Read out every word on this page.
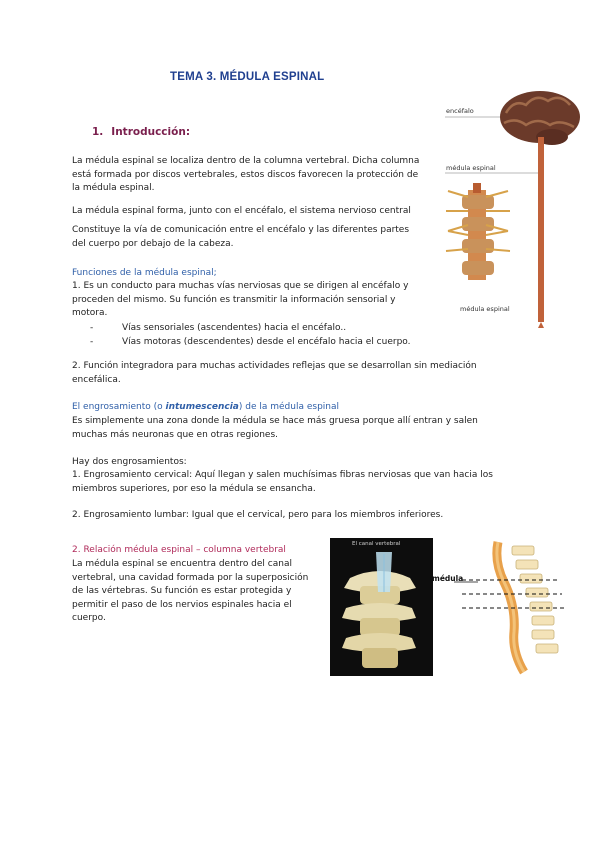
TEMA 3. MÉDULA ESPINAL
1. Introducción:
La médula espinal se localiza dentro de la columna vertebral. Dicha columna está formada por discos vertebrales, estos discos favorecen la protección de la médula espinal.
La médula espinal forma, junto con el encéfalo, el sistema nervioso central
Constituye la vía de comunicación entre el encéfalo y las diferentes partes del cuerpo por debajo de la cabeza.
encéfalo
médula espinal
médula espinal
Funciones de la médula espinal;
1. Es un conducto para muchas vías nerviosas que se dirigen al encéfalo y proceden del mismo. Su función es transmitir la información sensorial y motora.
-	Vías sensoriales (ascendentes) hacia el encéfalo..
-	Vías motoras (descendentes) desde el encéfalo hacia el cuerpo.
2. Función integradora para muchas actividades reflejas que se desarrollan sin mediación encefálica.
El engrosamiento (o intumescencia) de la médula espinal
Es simplemente una zona donde la médula se hace más gruesa porque allí entran y salen muchas más neuronas que en otras regiones.
Hay dos engrosamientos:
1. Engrosamiento cervical: Aquí llegan y salen muchísimas fibras nerviosas que van hacia los miembros superiores, por eso la médula se ensancha.
2. Engrosamiento lumbar: Igual que el cervical, pero para los miembros inferiores.
2. Relación médula espinal – columna vertebral
La médula espinal se encuentra dentro del canal vertebral, una cavidad formada por la superposición de las vértebras. Su función es estar protegida y permitir el paso de los nervios espinales hacia el cuerpo.
El canal vertebral
médula
